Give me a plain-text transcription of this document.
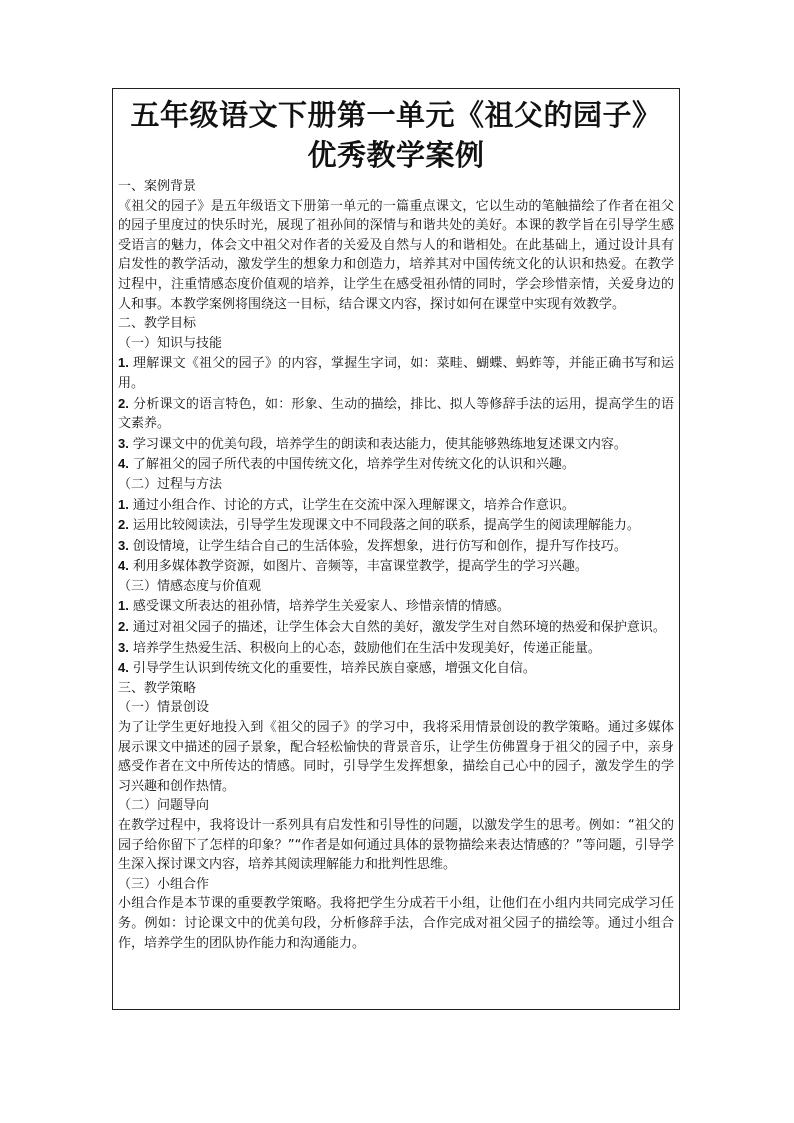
五年级语文下册第一单元《祖父的园子》优秀教学案例

一、案例背景

《祖父的园子》是五年级语文下册第一单元的一篇重点课文，它以生动的笔触描绘了作者在祖父的园子里度过的快乐时光，展现了祖孙间的深情与和谐共处的美好。本课的教学旨在引导学生感受语言的魅力，体会文中祖父对作者的关爱及自然与人的和谐相处。在此基础上，通过设计具有启发性的教学活动，激发学生的想象力和创造力，培养其对中国传统文化的认识和热爱。在教学过程中，注重情感态度价值观的培养，让学生在感受祖孙情的同时，学会珍惜亲情，关爱身边的人和事。本教学案例将围绕这一目标，结合课文内容，探讨如何在课堂中实现有效教学。

二、教学目标

（一）知识与技能

1. 理解课文《祖父的园子》的内容，掌握生字词，如：菜畦、蝴蝶、蚂蚱等，并能正确书写和运用。

2. 分析课文的语言特色，如：形象、生动的描绘，排比、拟人等修辞手法的运用，提高学生的语文素养。

3. 学习课文中的优美句段，培养学生的朗读和表达能力，使其能够熟练地复述课文内容。

4. 了解祖父的园子所代表的中国传统文化，培养学生对传统文化的认识和兴趣。

（二）过程与方法

1. 通过小组合作、讨论的方式，让学生在交流中深入理解课文，培养合作意识。

2. 运用比较阅读法，引导学生发现课文中不同段落之间的联系，提高学生的阅读理解能力。

3. 创设情境，让学生结合自己的生活体验，发挥想象，进行仿写和创作，提升写作技巧。

4. 利用多媒体教学资源，如图片、音频等，丰富课堂教学，提高学生的学习兴趣。

（三）情感态度与价值观

1. 感受课文所表达的祖孙情，培养学生关爱家人、珍惜亲情的情感。

2. 通过对祖父园子的描述，让学生体会大自然的美好，激发学生对自然环境的热爱和保护意识。

3. 培养学生热爱生活、积极向上的心态，鼓励他们在生活中发现美好，传递正能量。

4. 引导学生认识到传统文化的重要性，培养民族自豪感，增强文化自信。

三、教学策略

（一）情景创设

为了让学生更好地投入到《祖父的园子》的学习中，我将采用情景创设的教学策略。通过多媒体展示课文中描述的园子景象，配合轻松愉快的背景音乐，让学生仿佛置身于祖父的园子中，亲身感受作者在文中所传达的情感。同时，引导学生发挥想象，描绘自己心中的园子，激发学生的学习兴趣和创作热情。

（二）问题导向

在教学过程中，我将设计一系列具有启发性和引导性的问题，以激发学生的思考。例如：“祖父的园子给你留下了怎样的印象？”“作者是如何通过具体的景物描绘来表达情感的？”等问题，引导学生深入探讨课文内容，培养其阅读理解能力和批判性思维。

（三）小组合作

小组合作是本节课的重要教学策略。我将把学生分成若干小组，让他们在小组内共同完成学习任务。例如：讨论课文中的优美句段，分析修辞手法，合作完成对祖父园子的描绘等。通过小组合作，培养学生的团队协作能力和沟通能力。
